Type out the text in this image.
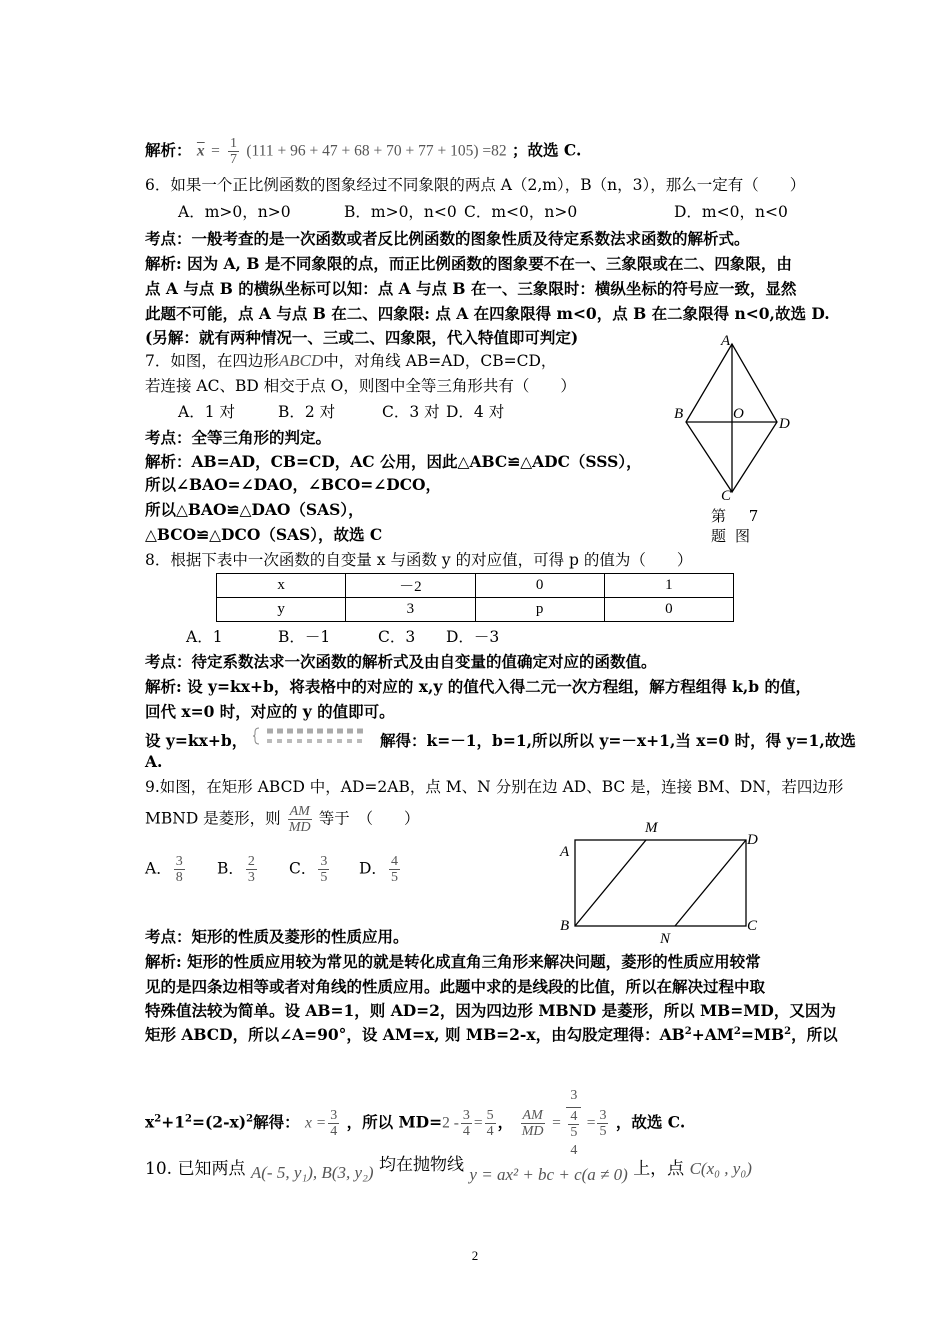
解析： $\overline{x} = \frac{1}{7} (111 + 96 + 47 + 68 + 70 + 77 + 105) =82$ ；故选 C.
6．如果一个正比例函数的图象经过不同象限的两点 A（2,m），B（n，3），那么一定有（　　）
A．m>0，n>0	B．m>0，n<0 C．m<0，n>0	D．m<0，n<0
考点：一般考查的是一次函数或者反比例函数的图象性质及待定系数法求函数的解析式。
解析: 因为 A, B 是不同象限的点，而正比例函数的图象要不在一、三象限或在二、四象限，由
点 A 与点 B 的横纵坐标可以知：点 A 与点 B 在一、三象限时：横纵坐标的符号应一致，显然
此题不可能，点 A 与点 B 在二、四象限: 点 A 在四象限得 m<0，点 B 在二象限得 n<0,故选 D.
(另解：就有两种情况一、三或二、四象限，代入特值即可判定)
7．如图，在四边形ABCD中，对角线 AB=AD，CB=CD，
若连接 AC、BD 相交于点 O，则图中全等三角形共有（　　）
A．1 对	B．2 对	C．3 对 D．4 对
考点：全等三角形的判定。
解析：AB=AD，CB=CD，AC 公用，因此△ABC≌△ADC（SSS），
所以∠BAO=∠DAO，∠BCO=∠DCO，
所以△BAO≌△DAO（SAS），
△BCO≌△DCO（SAS），故选 C
A
B	O
D
C
第 7 题图
8．根据下表中一次函数的自变量 x 与函数 y 的对应值，可得 p 的值为（　　）
x	－2	0	1
y	3	p	0
A．1	B．－1	C．3 D．－3
考点：待定系数法求一次函数的解析式及由自变量的值确定对应的函数值。
解析: 设 y=kx+b，将表格中的对应的 x,y 的值代入得二元一次方程组，解方程组得 k,b 的值，
回代 x=0 时，对应的 y 的值即可。
设 y=kx+b，	解得：k=－1，b=1,所以所以 y=－x+1,当 x=0 时，得 y=1,故选
A.
9.如图，在矩形 ABCD 中，AD=2AB，点 M、N 分别在边 AD、BC 是，连接 BM、DN，若四边形
MBND 是菱形，则 $\frac{AM}{MD}$ 等于　（　　）
A． $\frac{3}{8}$ B． $\frac{2}{3}$ C． $\frac{3}{5}$ D． $\frac{4}{5}$
M
D
A
B	C
N
考点：矩形的性质及菱形的性质应用。
解析: 矩形的性质应用较为常见的就是转化成直角三角形来解决问题，菱形的性质应用较常
见的是四条边相等或者对角线的性质应用。此题中求的是线段的比值，所以在解决过程中取
特殊值法较为简单。设 AB=1，则 AD=2，因为四边形 MBND 是菱形，所以 MB=MD，又因为
矩形 ABCD，所以∠A=90°，设 AM=x, 则 MB=2-x，由勾股定理得：$AB^2+AM^2=MB^2$，所以
$x^2+1^2=(2-x)^2$解得： $x = \frac{3}{4}$ ，所以 $MD=2 - \frac{3}{4} = \frac{5}{4}$ ， $\frac{AM}{MD}$ =
3
$\frac{4}{5}$
4
= $\frac{3}{5}$ ，故选 C.
10. 已知两点 A(- 5, y₁), B(3, y₂) 均在抛物线 y = ax² + bc + c(a ≠ 0) 上，点 C(x₀ , y₀)
2
